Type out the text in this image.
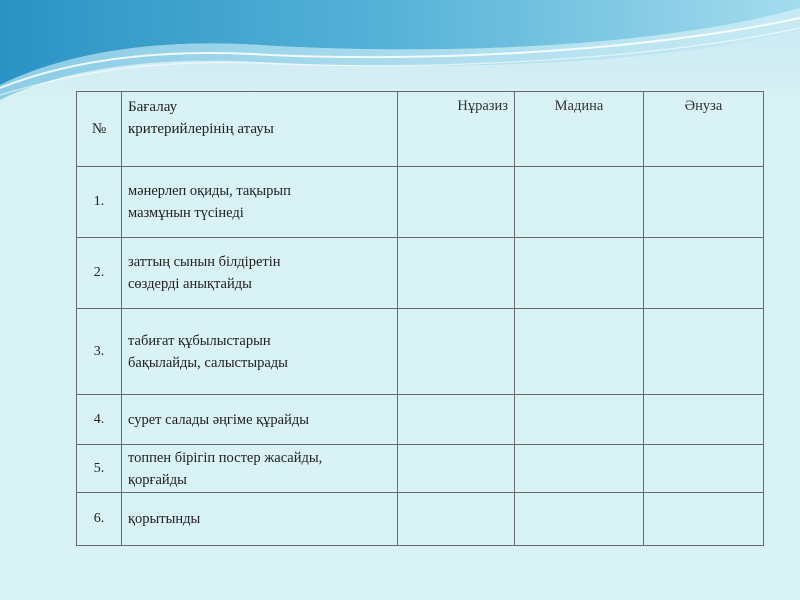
№	Бағалау
критерийлерінің атауы	Нұразиз	Мадина	Әнуза
1.	мәнерлеп оқиды, тақырып
мазмұнын түсінеді			

2.	заттың сынын білдіретін
сөздерді анықтайды			

3.	табиғат құбылыстарын
бақылайды, салыстырады			

4.	сурет салады әңгіме құрайды			

5.	топпен бірігіп постер жасайды,
қорғайды			

6.	қорытынды			
